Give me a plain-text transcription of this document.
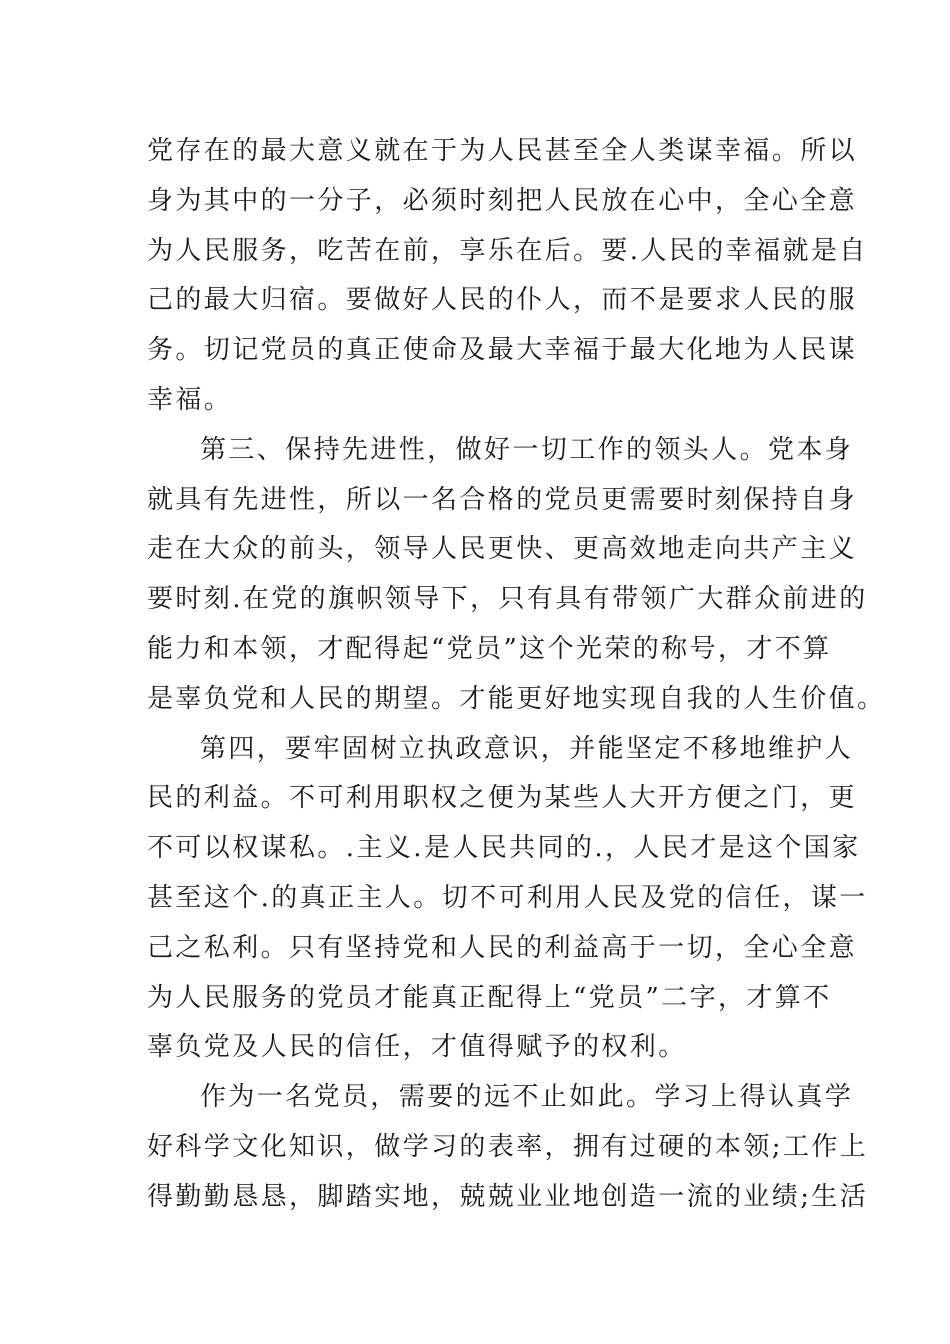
党存在的最大意义就在于为人民甚至全人类谋幸福。所以
身为其中的一分子，必须时刻把人民放在心中，全心全意
为人民服务，吃苦在前，享乐在后。要.人民的幸福就是自
己的最大归宿。要做好人民的仆人，而不是要求人民的服
务。切记党员的真正使命及最大幸福于最大化地为人民谋
幸福。
第三、保持先进性，做好一切工作的领头人。党本身
就具有先进性，所以一名合格的党员更需要时刻保持自身
走在大众的前头，领导人民更快、更高效地走向共产主义
要时刻.在党的旗帜领导下，只有具有带领广大群众前进的
能力和本领，才配得起“党员”这个光荣的称号，才不算
是辜负党和人民的期望。才能更好地实现自我的人生价值。
第四，要牢固树立执政意识，并能坚定不移地维护人
民的利益。不可利用职权之便为某些人大开方便之门，更
不可以权谋私。.主义.是人民共同的.，人民才是这个国家
甚至这个.的真正主人。切不可利用人民及党的信任，谋一
己之私利。只有坚持党和人民的利益高于一切，全心全意
为人民服务的党员才能真正配得上“党员”二字，才算不
辜负党及人民的信任，才值得赋予的权利。
作为一名党员，需要的远不止如此。学习上得认真学
好科学文化知识，做学习的表率，拥有过硬的本领;工作上
得勤勤恳恳，脚踏实地，兢兢业业地创造一流的业绩;生活
